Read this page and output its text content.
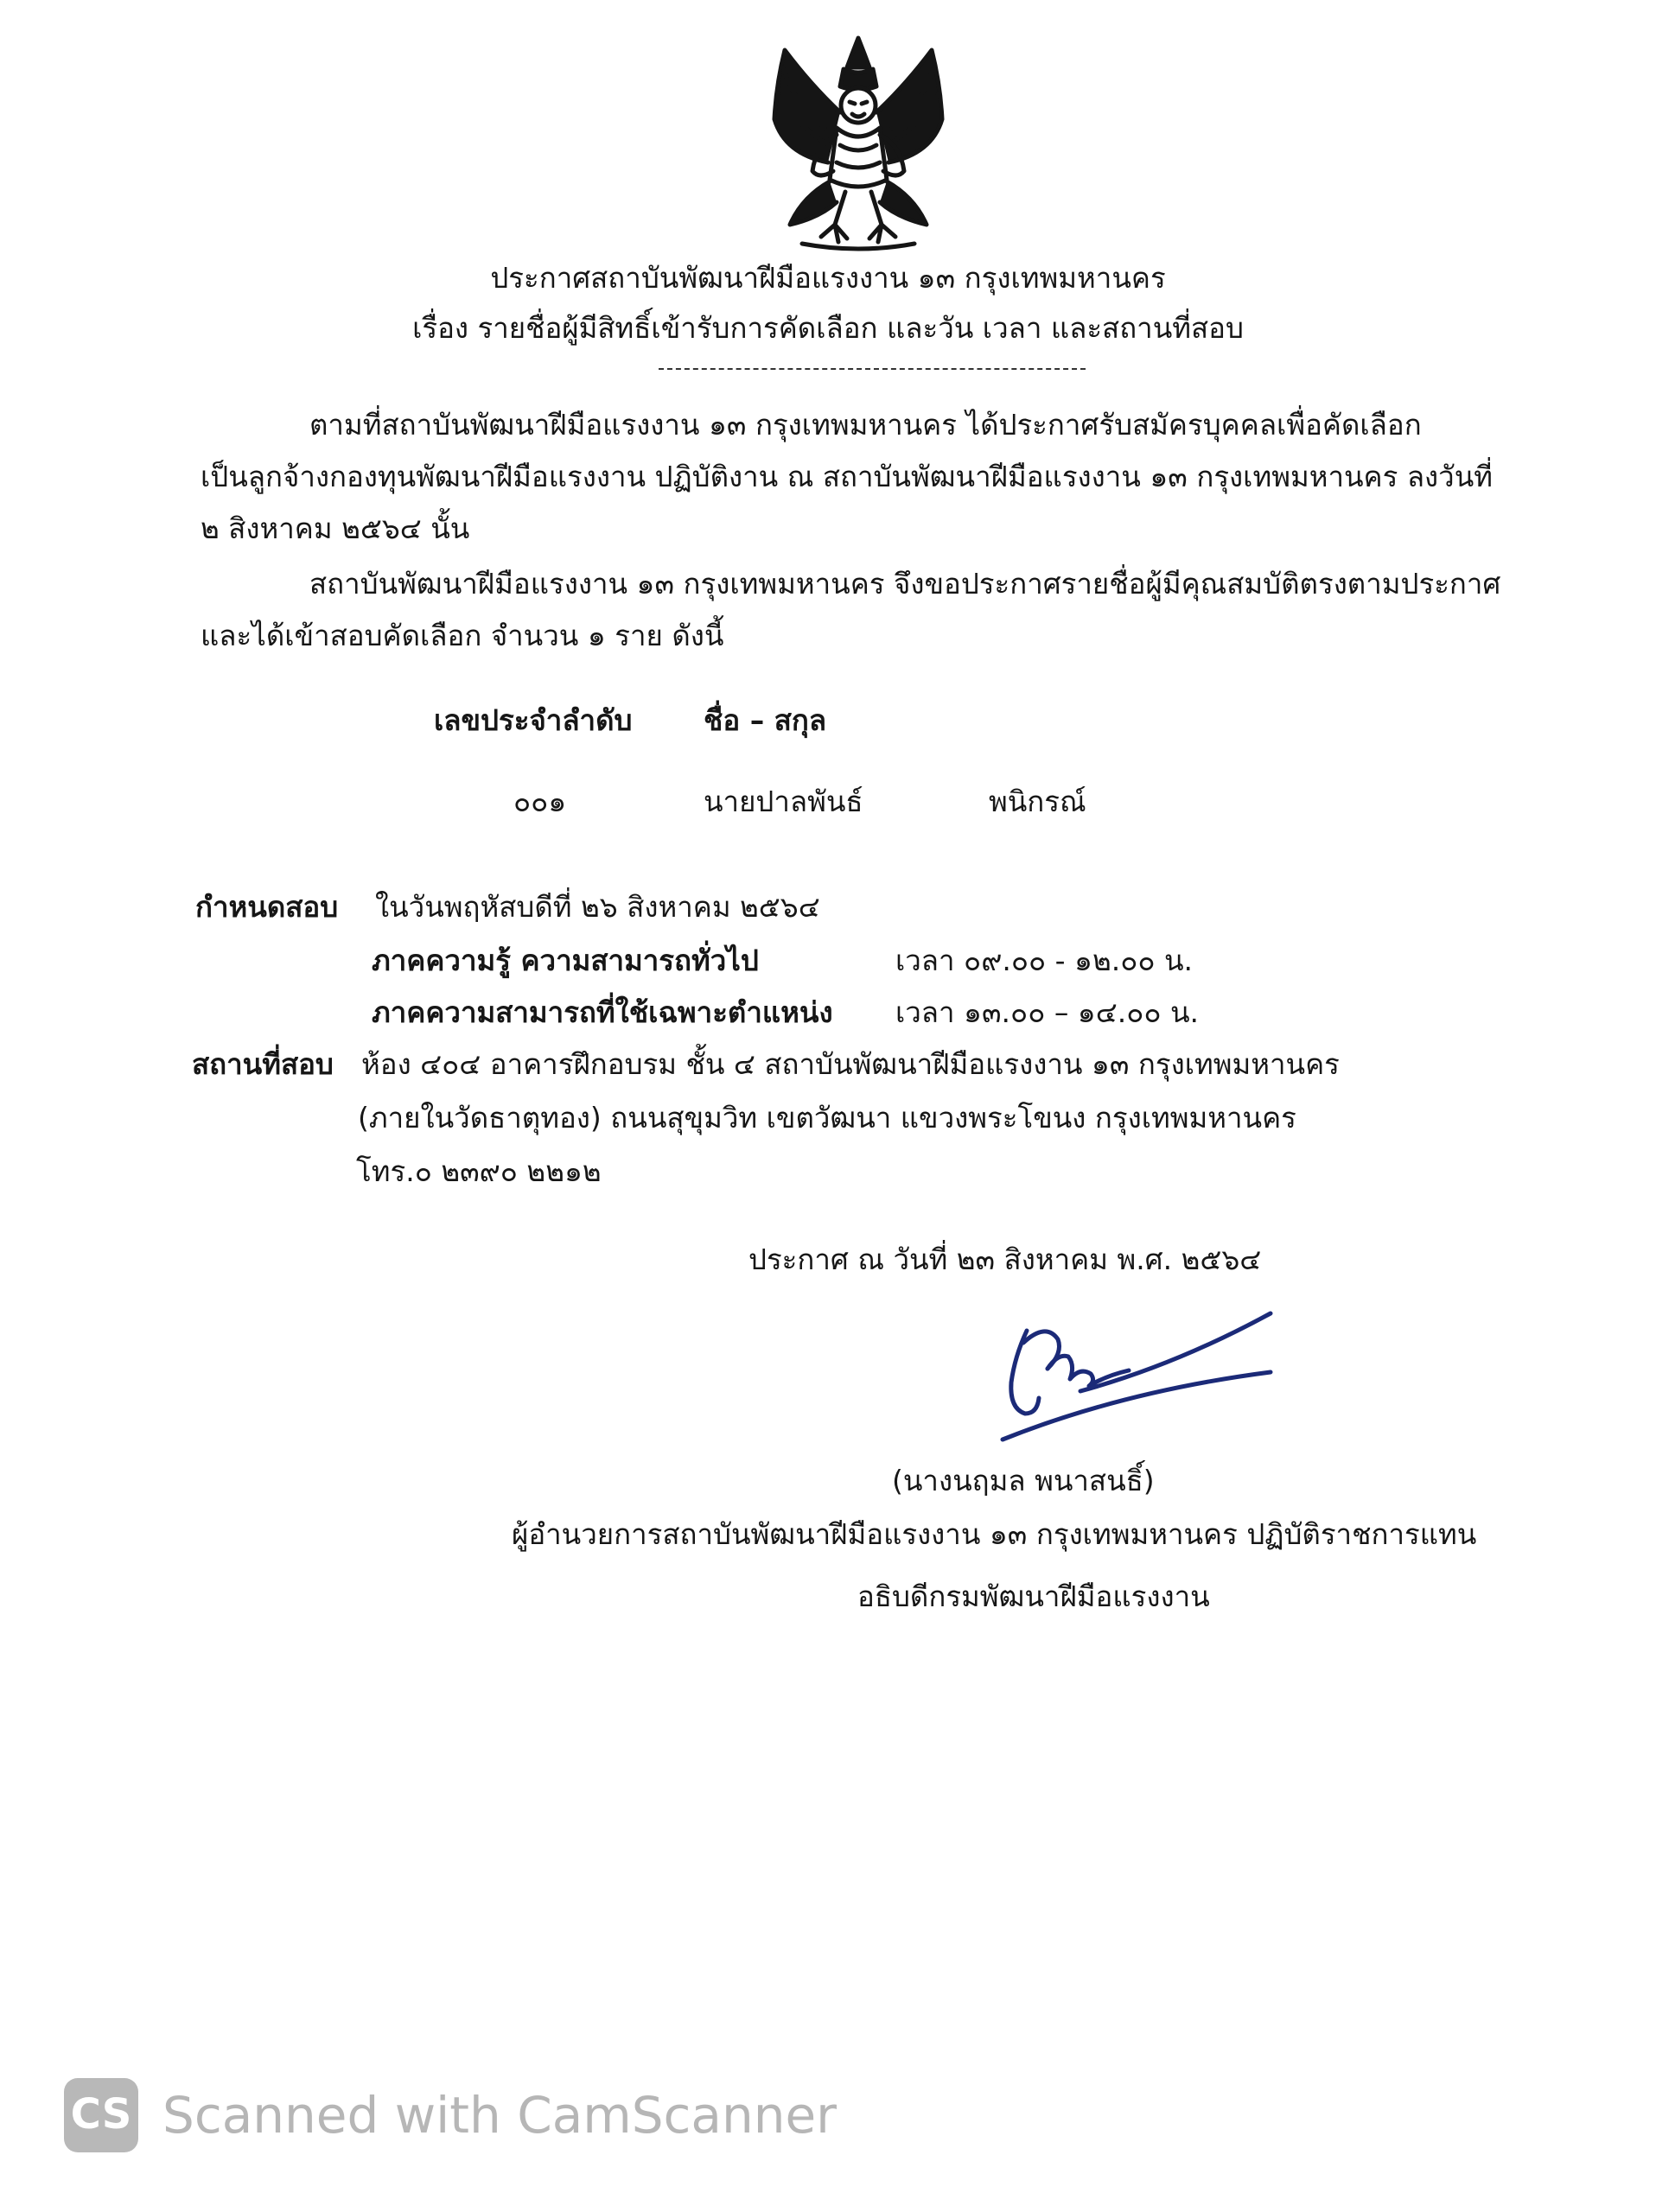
ประกาศสถาบันพัฒนาฝีมือแรงงาน ๑๓ กรุงเทพมหานคร
เรื่อง รายชื่อผู้มีสิทธิ์เข้ารับการคัดเลือก และวัน เวลา และสถานที่สอบ
ตามที่สถาบันพัฒนาฝีมือแรงงาน ๑๓ กรุงเทพมหานคร ได้ประกาศรับสมัครบุคคลเพื่อคัดเลือก
เป็นลูกจ้างกองทุนพัฒนาฝีมือแรงงาน ปฏิบัติงาน ณ สถาบันพัฒนาฝีมือแรงงาน ๑๓ กรุงเทพมหานคร ลงวันที่
๒ สิงหาคม ๒๕๖๔ นั้น
สถาบันพัฒนาฝีมือแรงงาน ๑๓ กรุงเทพมหานคร จึงขอประกาศรายชื่อผู้มีคุณสมบัติตรงตามประกาศ
และได้เข้าสอบคัดเลือก จำนวน ๑ ราย ดังนี้
เลขประจำลำดับ	ชื่อ – สกุล
๐๐๑	นายปาลพันธ์	พนิกรณ์
กำหนดสอบ ในวันพฤหัสบดีที่ ๒๖ สิงหาคม ๒๕๖๔
ภาคความรู้ ความสามารถทั่วไป	เวลา ๐๙.๐๐ - ๑๒.๐๐ น.
ภาคความสามารถที่ใช้เฉพาะตำแหน่ง เวลา ๑๓.๐๐ – ๑๔.๐๐ น.
สถานที่สอบ ห้อง ๔๐๔ อาคารฝึกอบรม ชั้น ๔ สถาบันพัฒนาฝีมือแรงงาน ๑๓ กรุงเทพมหานคร
(ภายในวัดธาตุทอง) ถนนสุขุมวิท เขตวัฒนา แขวงพระโขนง กรุงเทพมหานคร
โทร.๐ ๒๓๙๐ ๒๒๑๒
ประกาศ ณ วันที่ ๒๓ สิงหาคม พ.ศ. ๒๕๖๔
(นางนฤมล พนาสนธิ์)
ผู้อำนวยการสถาบันพัฒนาฝีมือแรงงาน ๑๓ กรุงเทพมหานคร ปฏิบัติราชการแทน
อธิบดีกรมพัฒนาฝีมือแรงงาน
CS Scanned with CamScanner
